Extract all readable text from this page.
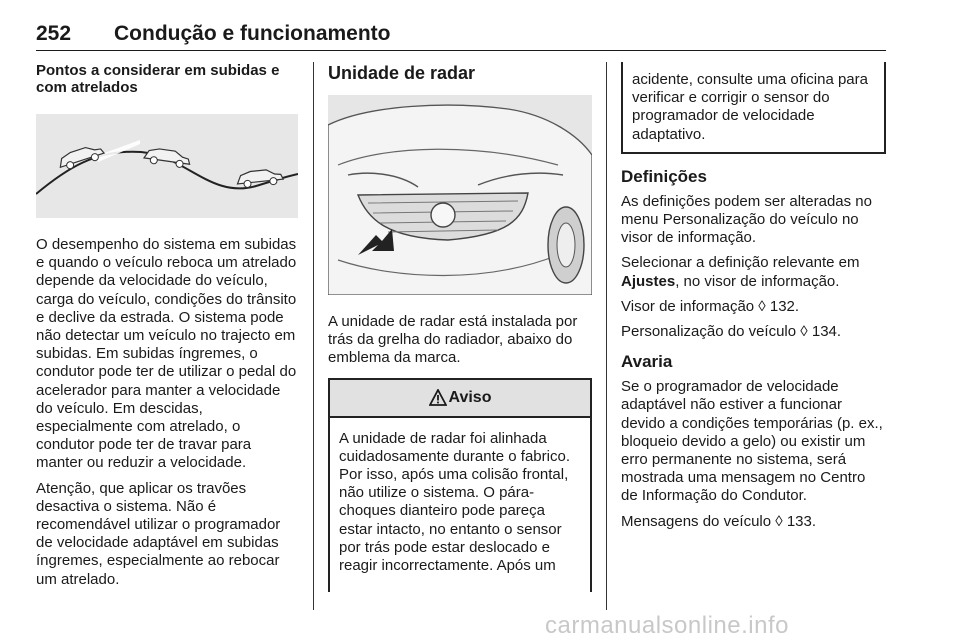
252 Condução e funcionamento

Pontos a considerar em subidas e com atrelados

O desempenho do sistema em subidas e quando o veículo reboca um atrelado depende da velocidade do veículo, carga do veículo, condições do trânsito e declive da estrada. O sistema pode não detectar um veículo no trajecto em subidas. Em subidas íngremes, o condutor pode ter de utilizar o pedal do acelerador para manter a velocidade do veículo. Em descidas, especialmente com atrelado, o condutor pode ter de travar para manter ou reduzir a velocidade.

Atenção, que aplicar os travões desactiva o sistema. Não é recomendável utilizar o programador de velocidade adaptável em subidas íngremes, especialmente ao rebocar um atrelado.

Unidade de radar

A unidade de radar está instalada por trás da grelha do radiador, abaixo do emblema da marca.

Aviso

A unidade de radar foi alinhada cuidadosamente durante o fabrico. Por isso, após uma colisão frontal, não utilize o sistema. O pára-choques dianteiro pode pareça estar intacto, no entanto o sensor por trás pode estar deslocado e reagir incorrectamente. Após um

acidente, consulte uma oficina para verificar e corrigir o sensor do programador de velocidade adaptativo.

Definições

As definições podem ser alteradas no menu Personalização do veículo no visor de informação.

Selecionar a definição relevante em Ajustes, no visor de informação.

Visor de informação ◊ 132.

Personalização do veículo ◊ 134.

Avaria

Se o programador de velocidade adaptável não estiver a funcionar devido a condições temporárias (p. ex., bloqueio devido a gelo) ou existir um erro permanente no sistema, será mostrada uma mensagem no Centro de Informação do Condutor.

Mensagens do veículo ◊ 133.

carmanualsonline.info
